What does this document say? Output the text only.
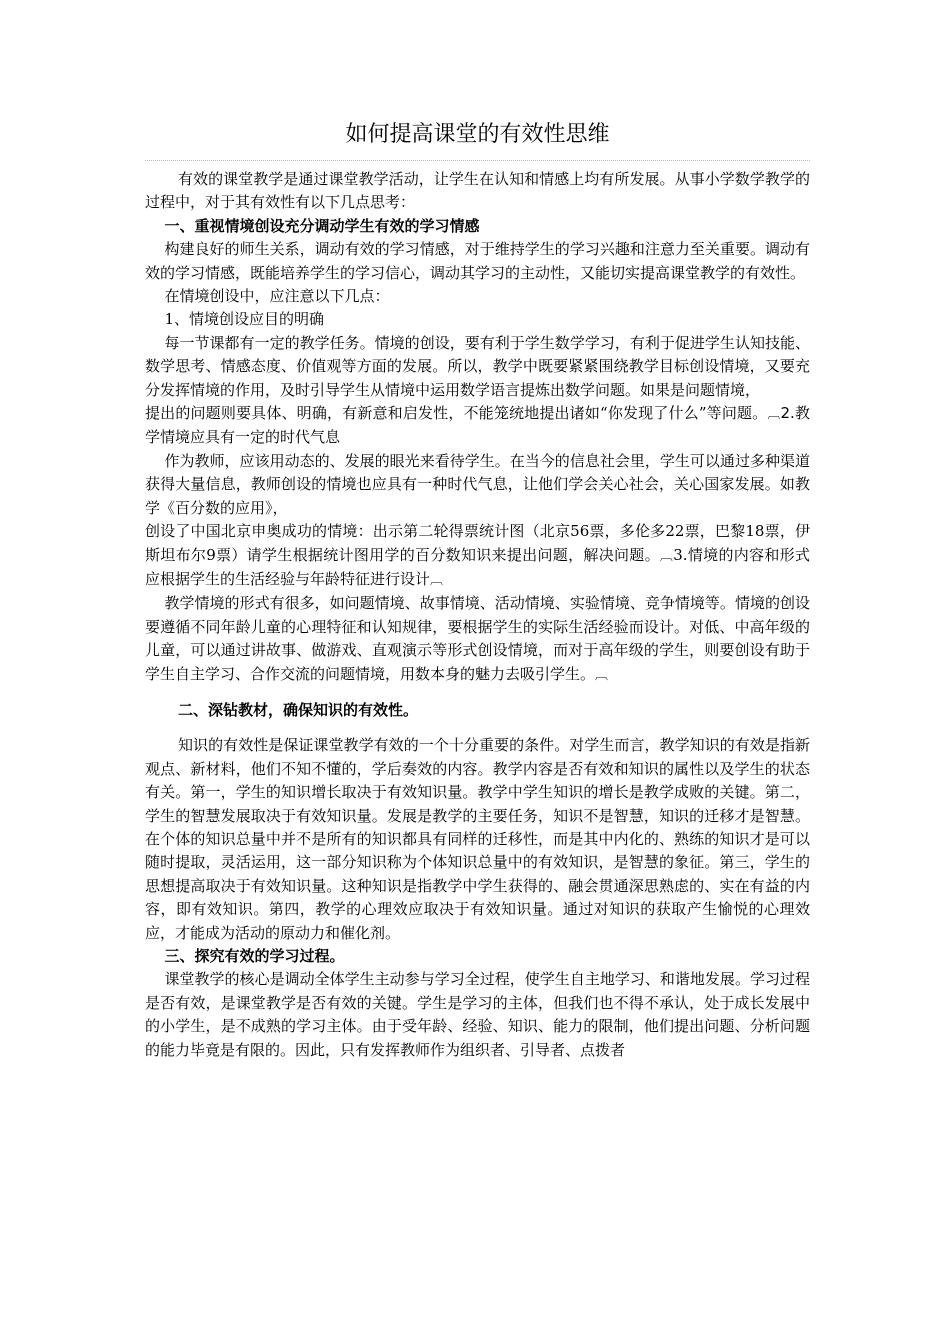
如何提高课堂的有效性思维

有效的课堂教学是通过课堂教学活动，让学生在认知和情感上均有所发展。从事小学数学教学的过程中，对于其有效性有以下几点思考：

一、重视情境创设充分调动学生有效的学习情感

构建良好的师生关系，调动有效的学习情感，对于维持学生的学习兴趣和注意力至关重要。调动有效的学习情感，既能培养学生的学习信心，调动其学习的主动性，又能切实提高课堂教学的有效性。

在情境创设中，应注意以下几点：

1、情境创设应目的明确

每一节课都有一定的教学任务。情境的创设，要有利于学生数学学习，有利于促进学生认知技能、数学思考、情感态度、价值观等方面的发展。所以，教学中既要紧紧围绕教学目标创设情境，又要充分发挥情境的作用，及时引导学生从情境中运用数学语言提炼出数学问题。如果是问题情境，

提出的问题则要具体、明确，有新意和启发性，不能笼统地提出诸如“你发现了什么”等问题。︹2.教学情境应具有一定的时代气息

作为教师，应该用动态的、发展的眼光来看待学生。在当今的信息社会里，学生可以通过多种渠道获得大量信息，教师创设的情境也应具有一种时代气息，让他们学会关心社会，关心国家发展。如教学《百分数的应用》，

创设了中国北京申奥成功的情境：出示第二轮得票统计图（北京56票，多伦多22票，巴黎18票，伊斯坦布尔9票）请学生根据统计图用学的百分数知识来提出问题，解决问题。︹3.情境的内容和形式应根据学生的生活经验与年龄特征进行设计︹

教学情境的形式有很多，如问题情境、故事情境、活动情境、实验情境、竞争情境等。情境的创设要遵循不同年龄儿童的心理特征和认知规律，要根据学生的实际生活经验而设计。对低、中高年级的儿童，可以通过讲故事、做游戏、直观演示等形式创设情境，而对于高年级的学生，则要创设有助于学生自主学习、合作交流的问题情境，用数本身的魅力去吸引学生。︹

二、深钻教材，确保知识的有效性。

知识的有效性是保证课堂教学有效的一个十分重要的条件。对学生而言，教学知识的有效是指新观点、新材料，他们不知不懂的，学后奏效的内容。教学内容是否有效和知识的属性以及学生的状态有关。第一，学生的知识增长取决于有效知识量。教学中学生知识的增长是教学成败的关键。第二，学生的智慧发展取决于有效知识量。发展是教学的主要任务，知识不是智慧，知识的迁移才是智慧。在个体的知识总量中并不是所有的知识都具有同样的迁移性，而是其中内化的、熟练的知识才是可以随时提取，灵活运用，这一部分知识称为个体知识总量中的有效知识，是智慧的象征。第三，学生的思想提高取决于有效知识量。这种知识是指教学中学生获得的、融会贯通深思熟虑的、实在有益的内容，即有效知识。第四，教学的心理效应取决于有效知识量。通过对知识的获取产生愉悦的心理效应，才能成为活动的原动力和催化剂。

三、探究有效的学习过程。

课堂教学的核心是调动全体学生主动参与学习全过程，使学生自主地学习、和谐地发展。学习过程是否有效，是课堂教学是否有效的关键。学生是学习的主体，但我们也不得不承认，处于成长发展中的小学生，是不成熟的学习主体。由于受年龄、经验、知识、能力的限制，他们提出问题、分析问题的能力毕竟是有限的。因此，只有发挥教师作为组织者、引导者、点拨者
